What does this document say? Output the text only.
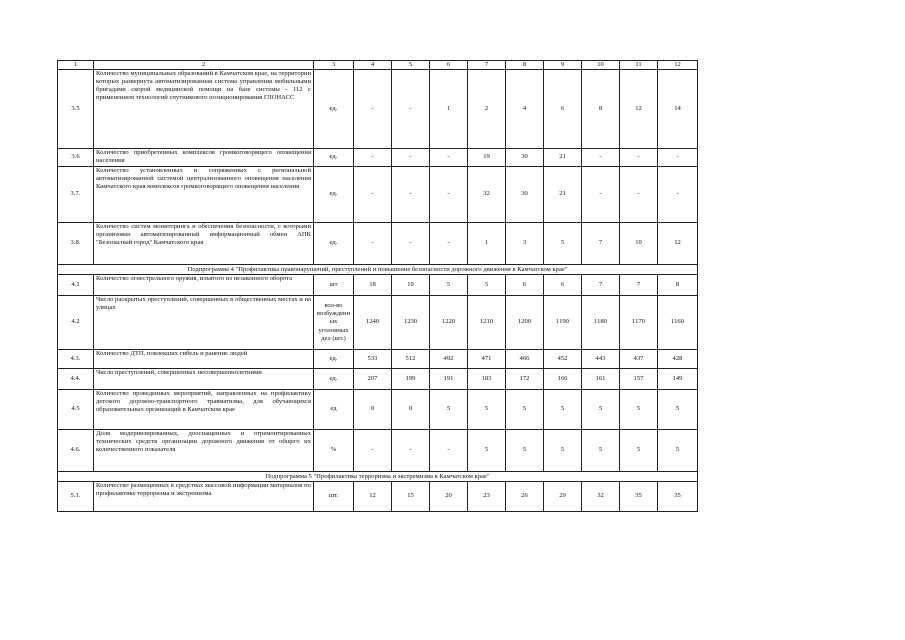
1	2	3	4	5	6	7	8	9	10	11	12
3.5	Количество муниципальных образований в Камчатском крае, на территории которых развернута автоматизированная система управления мобильными бригадами скорой медицинской помощи на базе системы - 112 с применением технологий спутникового позиционирования ГЛОНАСС	ед.	-	-	1	2	4	6	8	12	14
3.6	Количество приобретенных комплексов громкоговорящего оповещения населения	ед.	-	-	-	19	30	21	-	-	-
3.7.	Количество установленных и сопряженных с региональной автоматизированной системой централизованного оповещения населения Камчатского края комплексов громкоговорящего оповещения населения	ед.	-	-	-	32	30	21	-	-	-
3.8.	Количество систем мониторинга и обеспечения безопасности, с которыми организован автоматизированный информационный обмен АПК "Безопасный город" Камчатского края	ед.	-	-	-	1	3	5	7	10	12
Подпрограмма 4 "Профилактика правонарушений, преступлений и повышение безопасности дорожного движения в Камчатском крае"											
4.1	Количество огнестрельного оружия, изъятого из незаконного оборота	шт	18	19	5	5	6	6	7	7	8
4.2	Число раскрытых преступлений, совершенных в общественных местах и на улицах	кол-во возбужденных уголовных дел (шт.)	1240	1230	1220	1210	1200	1190	1180	1170	1160
4.3.	Количество ДТП, повлекших гибель и ранение людей	ед.	533	512	492	471	466	452	443	437	428
4.4.	Число преступлений, совершенных несовершеннолетними	ед.	207	199	191	183	172	166	161	157	149
4.5	Количество проведенных мероприятий, направленных на профилактику детского дорожно-транспортного травматизма, для обучающихся образовательных организаций в Камчатском крае	ед	0	0	5	5	5	5	5	5	5
4.6.	Доля модернизированных, дооснащенных и отремонтированных технических средств организации дорожного движения от общего их количественного показателя	%	-	-	-	5	5	5	5	5	5
Подпрограмма 5 "Профилактика терроризма и экстремизма в Камчатском крае"											
5.1.	Количество размещенных в средствах массовой информации материалов по профилактике терроризма и экстремизма	шт.	12	15	20	23	26	29	32	35	35
